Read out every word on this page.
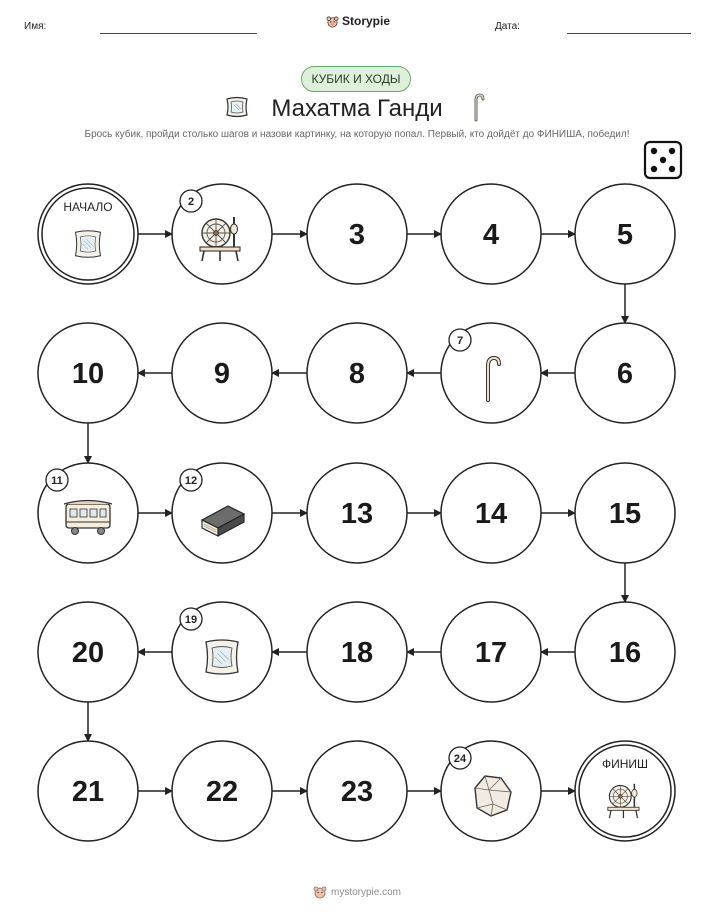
Имя:	Storypie	Дата:
КУБИК И ХОДЫ
Махатма Ганди
Брось кубик, пройди столько шагов и назови картинку, на которую попал. Первый, кто дойдёт до ФИНИША, победил!
НАЧАЛО	2
3	4	5
6
7
8
9
10
11	12
13	14	15
16
17
18
19
20
21	22	23
24	ФИНИШ
mystorypie.com
